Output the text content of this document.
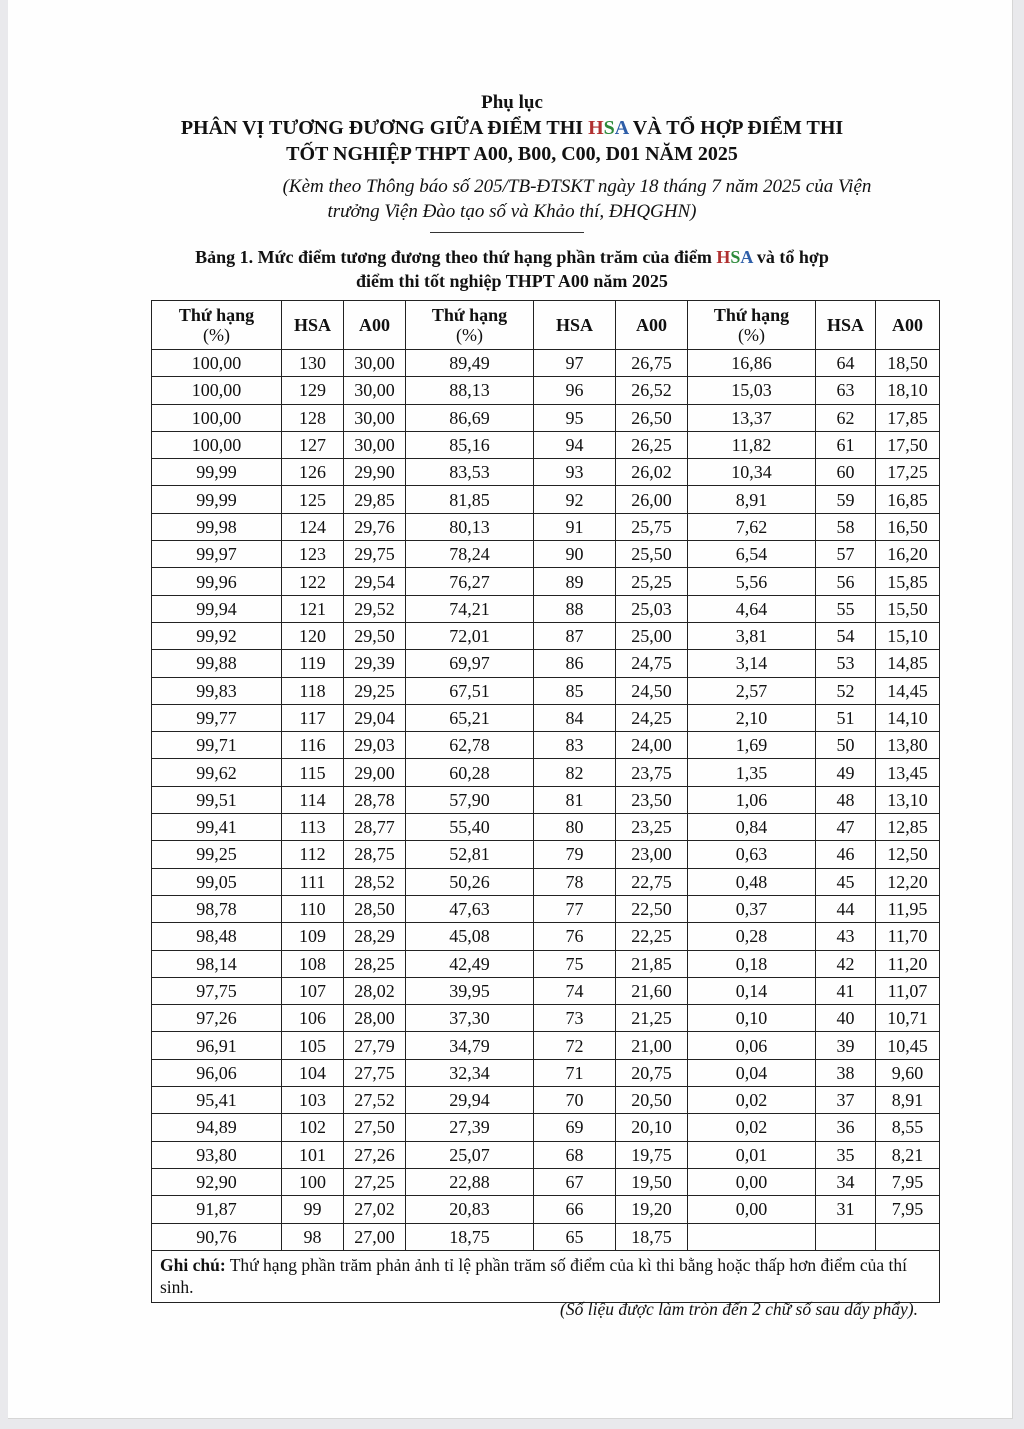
Phụ lục
PHÂN VỊ TƯƠNG ĐƯƠNG GIỮA ĐIỂM THI HSA VÀ TỔ HỢP ĐIỂM THI
TỐT NGHIỆP THPT A00, B00, C00, D01 NĂM 2025
(Kèm theo Thông báo số 205/TB-ĐTSKT ngày 18 tháng 7 năm 2025 của Viện
trưởng Viện Đào tạo số và Khảo thí, ĐHQGHN)
Bảng 1. Mức điểm tương đương theo thứ hạng phần trăm của điểm HSA và tổ hợp
điểm thi tốt nghiệp THPT A00 năm 2025
Thứ hạng
(%)	HSA	A00	Thứ hạng
(%)	HSA	A00	Thứ hạng
(%)	HSA	A00
100,00	130	30,00	89,49	97	26,75	16,86	64	18,50
100,00	129	30,00	88,13	96	26,52	15,03	63	18,10
100,00	128	30,00	86,69	95	26,50	13,37	62	17,85
100,00	127	30,00	85,16	94	26,25	11,82	61	17,50
99,99	126	29,90	83,53	93	26,02	10,34	60	17,25
99,99	125	29,85	81,85	92	26,00	8,91	59	16,85
99,98	124	29,76	80,13	91	25,75	7,62	58	16,50
99,97	123	29,75	78,24	90	25,50	6,54	57	16,20
99,96	122	29,54	76,27	89	25,25	5,56	56	15,85
99,94	121	29,52	74,21	88	25,03	4,64	55	15,50
99,92	120	29,50	72,01	87	25,00	3,81	54	15,10
99,88	119	29,39	69,97	86	24,75	3,14	53	14,85
99,83	118	29,25	67,51	85	24,50	2,57	52	14,45
99,77	117	29,04	65,21	84	24,25	2,10	51	14,10
99,71	116	29,03	62,78	83	24,00	1,69	50	13,80
99,62	115	29,00	60,28	82	23,75	1,35	49	13,45
99,51	114	28,78	57,90	81	23,50	1,06	48	13,10
99,41	113	28,77	55,40	80	23,25	0,84	47	12,85
99,25	112	28,75	52,81	79	23,00	0,63	46	12,50
99,05	111	28,52	50,26	78	22,75	0,48	45	12,20
98,78	110	28,50	47,63	77	22,50	0,37	44	11,95
98,48	109	28,29	45,08	76	22,25	0,28	43	11,70
98,14	108	28,25	42,49	75	21,85	0,18	42	11,20
97,75	107	28,02	39,95	74	21,60	0,14	41	11,07
97,26	106	28,00	37,30	73	21,25	0,10	40	10,71
96,91	105	27,79	34,79	72	21,00	0,06	39	10,45
96,06	104	27,75	32,34	71	20,75	0,04	38	9,60
95,41	103	27,52	29,94	70	20,50	0,02	37	8,91
94,89	102	27,50	27,39	69	20,10	0,02	36	8,55
93,80	101	27,26	25,07	68	19,75	0,01	35	8,21
92,90	100	27,25	22,88	67	19,50	0,00	34	7,95
91,87	99	27,02	20,83	66	19,20	0,00	31	7,95
90,76	98	27,00	18,75	65	18,75			
Ghi chú: Thứ hạng phần trăm phản ảnh tỉ lệ phần trăm số điểm của kì thi bằng hoặc thấp hơn điểm của thí sinh.								
(Số liệu được làm tròn đến 2 chữ số sau dấy phẩy).
